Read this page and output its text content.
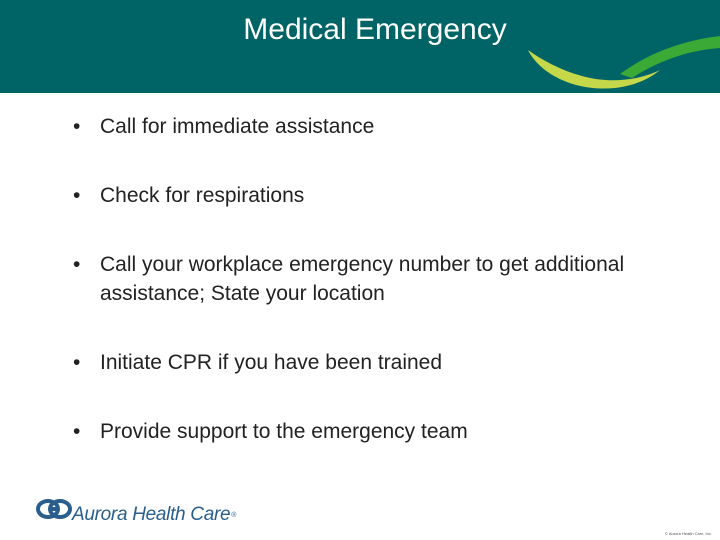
Medical Emergency
• Call for immediate assistance
• Check for respirations
• Call your workplace emergency number to get additional assistance; State your location
• Initiate CPR if you have been trained
• Provide support to the emergency team
Aurora Health Care ®
© Aurora Health Care, Inc.
